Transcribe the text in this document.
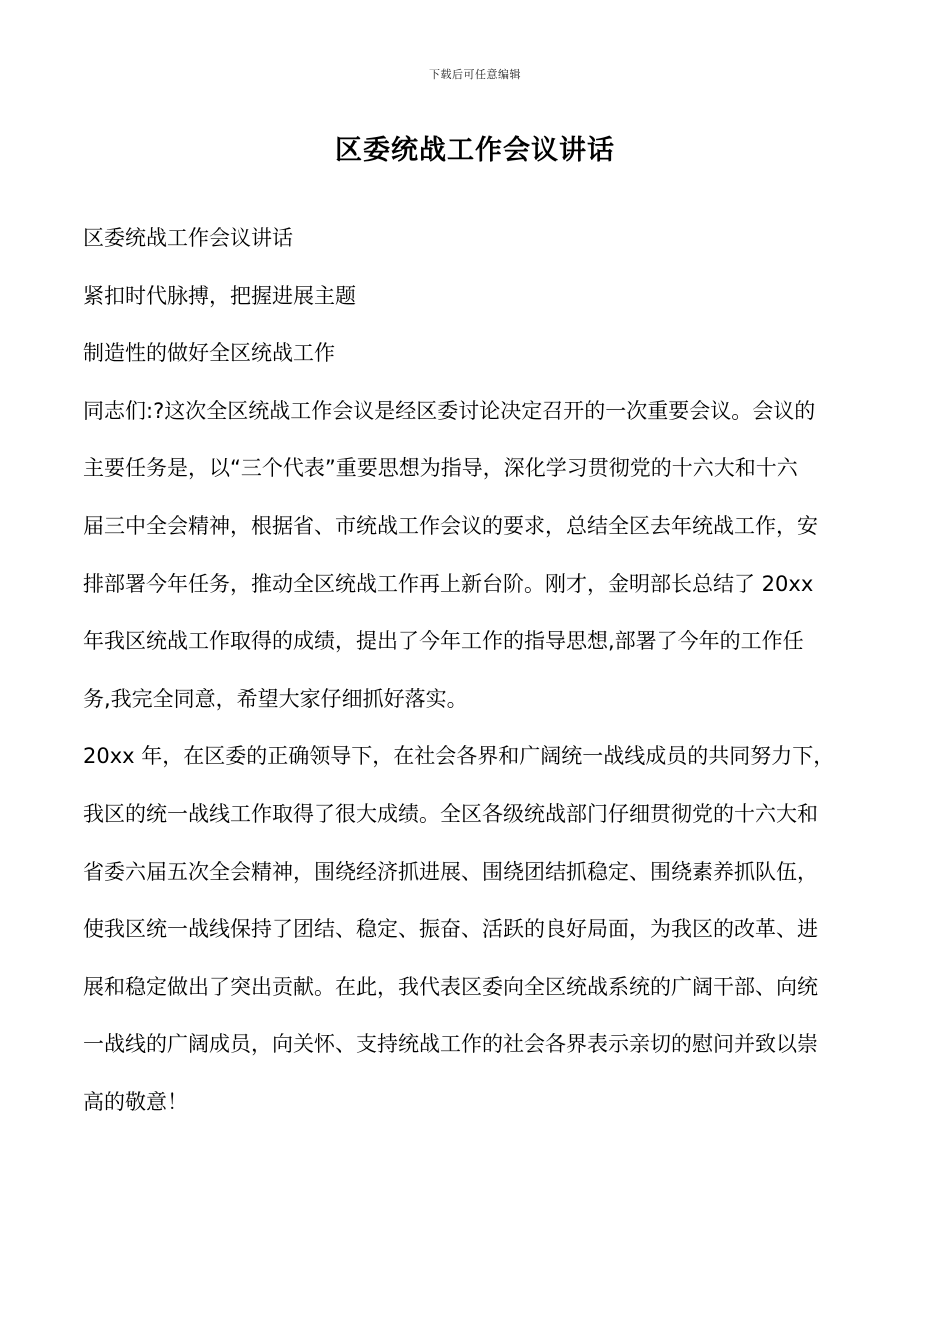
下载后可任意编辑
区委统战工作会议讲话
区委统战工作会议讲话
紧扣时代脉搏，把握进展主题
制造性的做好全区统战工作
同志们:?这次全区统战工作会议是经区委讨论决定召开的一次重要会议。会议的
主要任务是，以“三个代表”重要思想为指导，深化学习贯彻党的十六大和十六
届三中全会精神，根据省、市统战工作会议的要求，总结全区去年统战工作，安
排部署今年任务，推动全区统战工作再上新台阶。刚才，金明部长总结了 20xx
年我区统战工作取得的成绩，提出了今年工作的指导思想,部署了今年的工作任
务,我完全同意，希望大家仔细抓好落实。
20xx 年，在区委的正确领导下，在社会各界和广阔统一战线成员的共同努力下，
我区的统一战线工作取得了很大成绩。全区各级统战部门仔细贯彻党的十六大和
省委六届五次全会精神，围绕经济抓进展、围绕团结抓稳定、围绕素养抓队伍，
使我区统一战线保持了团结、稳定、振奋、活跃的良好局面，为我区的改革、进
展和稳定做出了突出贡献。在此，我代表区委向全区统战系统的广阔干部、向统
一战线的广阔成员，向关怀、支持统战工作的社会各界表示亲切的慰问并致以崇
高的敬意！
